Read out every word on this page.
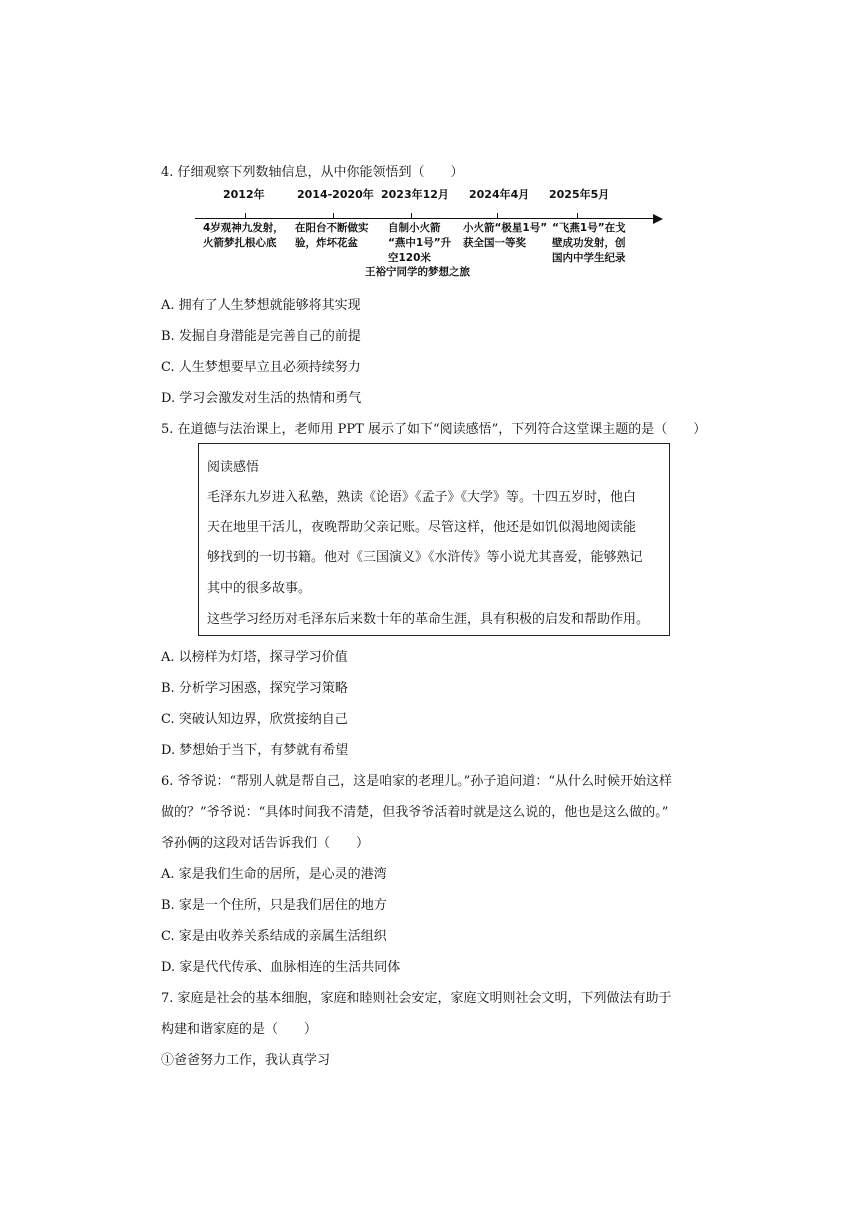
4. 仔细观察下列数轴信息，从中你能领悟到（　　）
2012年	2014-2020年 2023年12月 2024年4月 2025年5月
4岁观神九发射，
火箭梦扎根心底
在阳台不断做实
验，炸坏花盆
自制小火箭
“燕中1号”升
空120米
小火箭“极星1号”
获全国一等奖
“飞燕1号”在戈
壁成功发射，创
国内中学生纪录
王裕宁同学的梦想之旅
A. 拥有了人生梦想就能够将其实现
B. 发掘自身潜能是完善自己的前提
C. 人生梦想要早立且必须持续努力
D. 学习会激发对生活的热情和勇气
5. 在道德与法治课上，老师用 PPT 展示了如下“阅读感悟”，下列符合这堂课主题的是（　　）
阅读感悟
毛泽东九岁进入私塾，熟读《论语》《孟子》《大学》等。十四五岁时，他白
天在地里干活儿，夜晚帮助父亲记账。尽管这样，他还是如饥似渴地阅读能
够找到的一切书籍。他对《三国演义》《水浒传》等小说尤其喜爱，能够熟记
其中的很多故事。
这些学习经历对毛泽东后来数十年的革命生涯，具有积极的启发和帮助作用。
A. 以榜样为灯塔，探寻学习价值
B. 分析学习困惑，探究学习策略
C. 突破认知边界，欣赏接纳自己
D. 梦想始于当下，有梦就有希望
6. 爷爷说：“帮别人就是帮自己，这是咱家的老理儿。”孙子追问道：“从什么时候开始这样
做的？”爷爷说：“具体时间我不清楚，但我爷爷活着时就是这么说的，他也是这么做的。”
爷孙俩的这段对话告诉我们（　　）
A. 家是我们生命的居所，是心灵的港湾
B. 家是一个住所，只是我们居住的地方
C. 家是由收养关系结成的亲属生活组织
D. 家是代代传承、血脉相连的生活共同体
7. 家庭是社会的基本细胞，家庭和睦则社会安定，家庭文明则社会文明，下列做法有助于
构建和谐家庭的是（　　）
①爸爸努力工作，我认真学习
